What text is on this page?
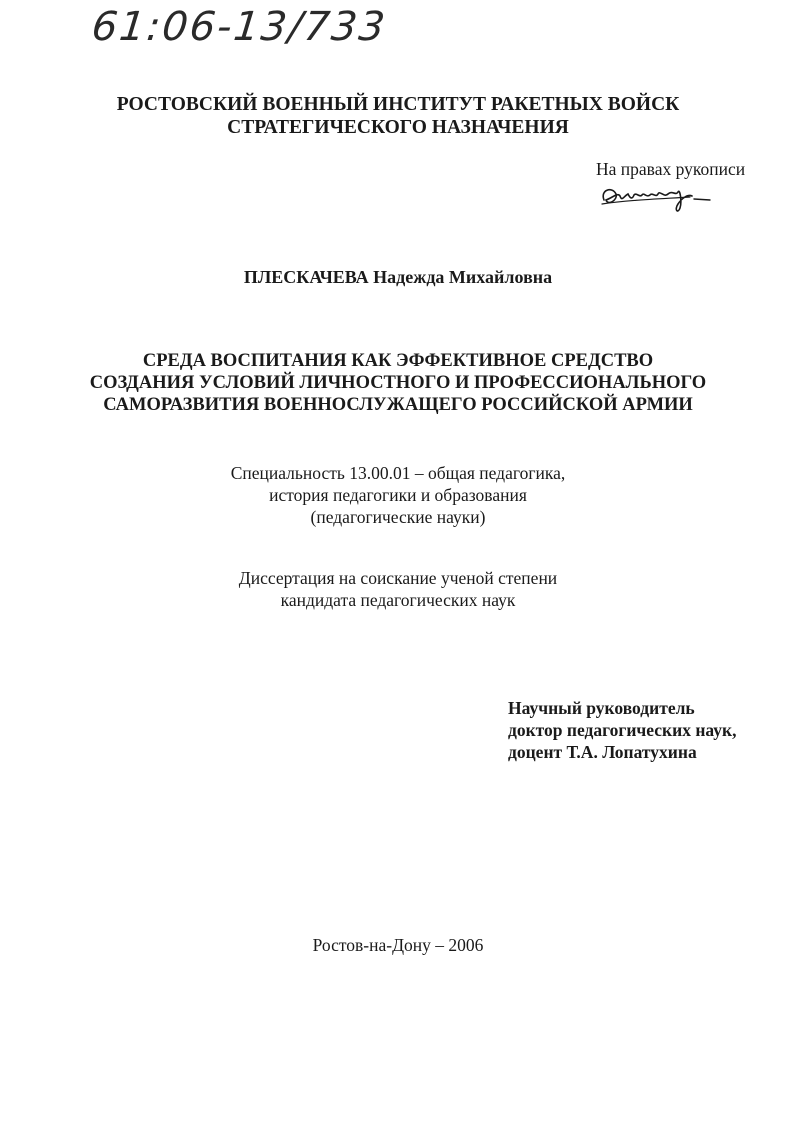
61:06-13/733
РОСТОВСКИЙ ВОЕННЫЙ ИНСТИТУТ РАКЕТНЫХ ВОЙСК
СТРАТЕГИЧЕСКОГО НАЗНАЧЕНИЯ
На правах рукописи
ПЛЕСКАЧЕВА Надежда Михайловна
СРЕДА ВОСПИТАНИЯ КАК ЭФФЕКТИВНОЕ СРЕДСТВО
СОЗДАНИЯ УСЛОВИЙ ЛИЧНОСТНОГО И ПРОФЕССИОНАЛЬНОГО
САМОРАЗВИТИЯ ВОЕННОСЛУЖАЩЕГО РОССИЙСКОЙ АРМИИ
Специальность 13.00.01 – общая педагогика,
история педагогики и образования
(педагогические науки)
Диссертация на соискание ученой степени
кандидата педагогических наук
Научный руководитель
доктор педагогических наук,
доцент Т.А. Лопатухина
Ростов-на-Дону – 2006
